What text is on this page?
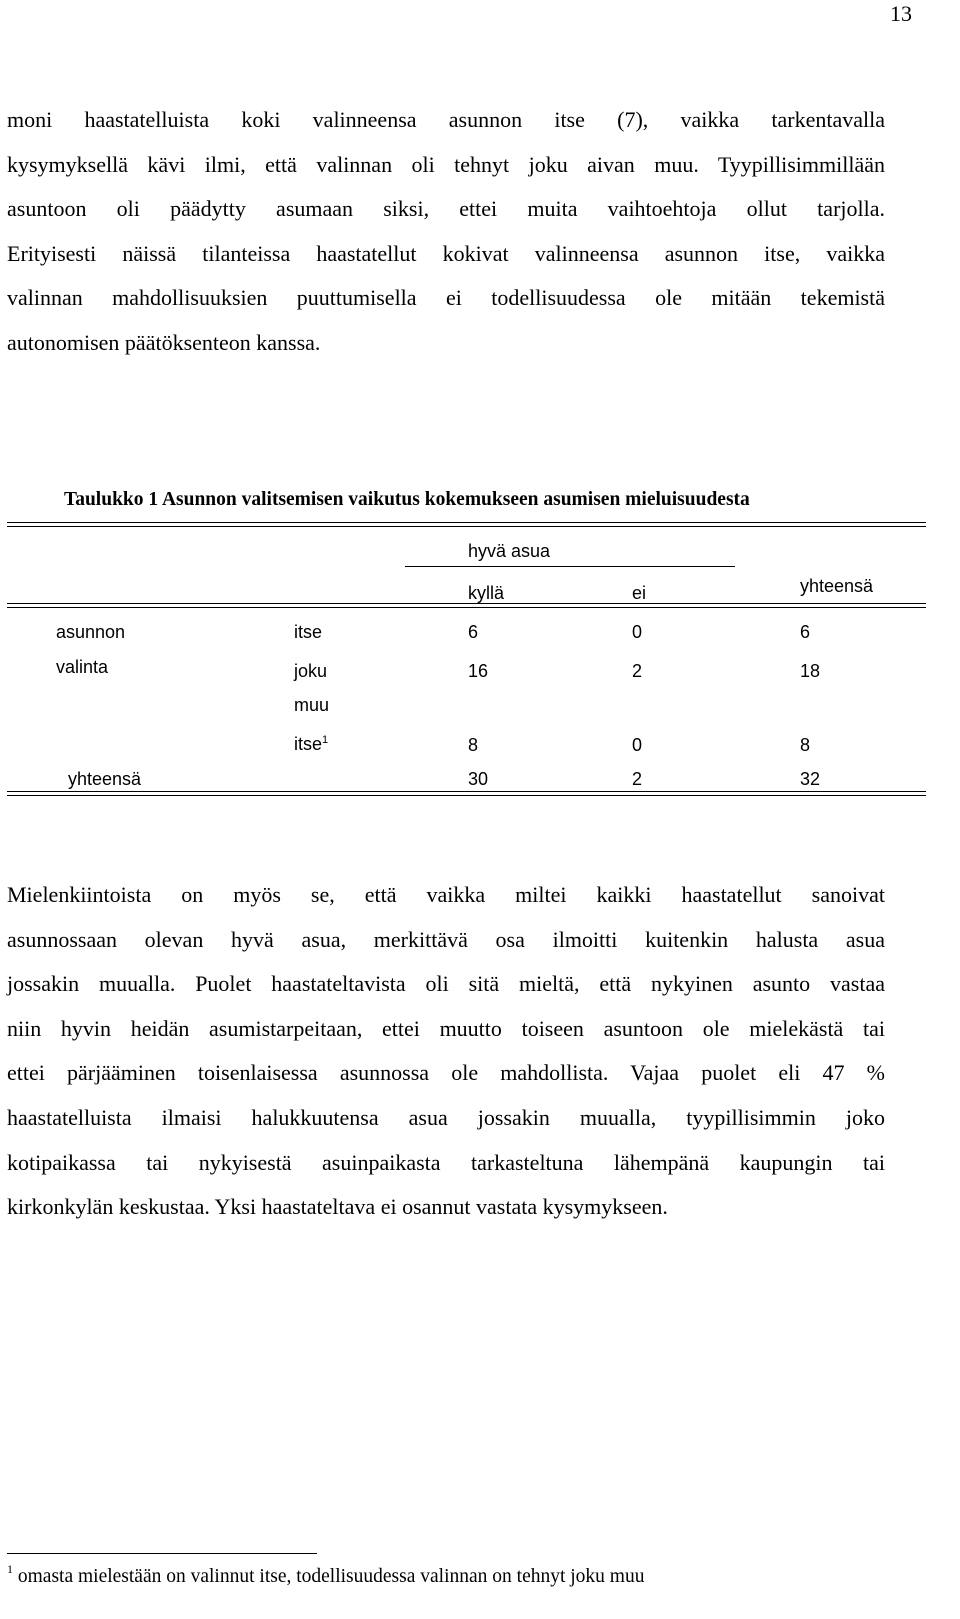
13
moni haastatelluista koki valinneensa asunnon itse (7), vaikka tarkentavalla
kysymyksellä kävi ilmi, että valinnan oli tehnyt joku aivan muu. Tyypillisimmillään
asuntoon oli päädytty asumaan siksi, ettei muita vaihtoehtoja ollut tarjolla.
Erityisesti näissä tilanteissa haastatellut kokivat valinneensa asunnon itse, vaikka
valinnan mahdollisuuksien puuttumisella ei todellisuudessa ole mitään tekemistä
autonomisen päätöksenteon kanssa.
Taulukko 1 Asunnon valitsemisen vaikutus kokemukseen asumisen mieluisuudesta
hyvä asua
kyllä	ei	yhteensä
asunnon
valinta
itse	6	0	6
joku	16	2	18
muu
itse$^1$	8	0	8
yhteensä	30	2	32
Mielenkiintoista on myös se, että vaikka miltei kaikki haastatellut sanoivat
asunnossaan olevan hyvä asua, merkittävä osa ilmoitti kuitenkin halusta asua
jossakin muualla. Puolet haastateltavista oli sitä mieltä, että nykyinen asunto vastaa
niin hyvin heidän asumistarpeitaan, ettei muutto toiseen asuntoon ole mielekästä tai
ettei pärjääminen toisenlaisessa asunnossa ole mahdollista. Vajaa puolet eli 47 %
haastatelluista ilmaisi halukkuutensa asua jossakin muualla, tyypillisimmin joko
kotipaikassa tai nykyisestä asuinpaikasta tarkasteltuna lähempänä kaupungin tai
kirkonkylän keskustaa. Yksi haastateltava ei osannut vastata kysymykseen.
$^1$ omasta mielestään on valinnut itse, todellisuudessa valinnan on tehnyt joku muu
